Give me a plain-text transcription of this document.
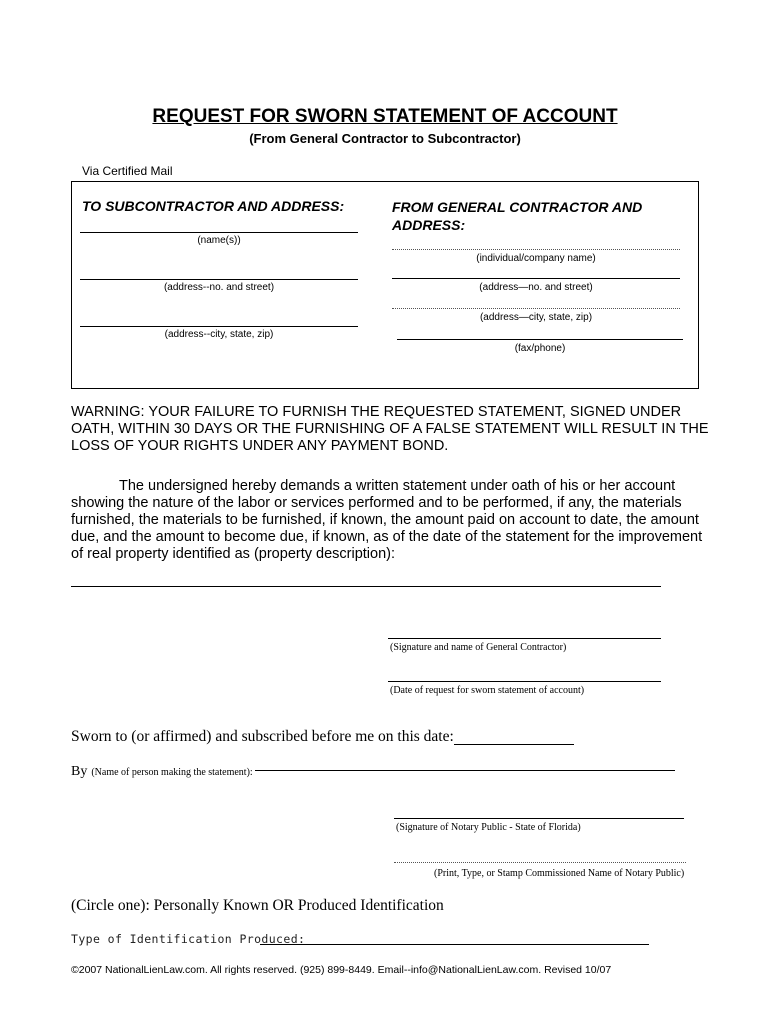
REQUEST FOR SWORN STATEMENT OF ACCOUNT
(From General Contractor to Subcontractor)
Via Certified Mail
TO SUBCONTRACTOR AND ADDRESS:
(name(s))
(address--no. and street)
(address--city, state, zip)
FROM GENERAL CONTRACTOR AND ADDRESS:
(individual/company name)
(address—no. and street)
(address—city, state, zip)
(fax/phone)
WARNING: YOUR FAILURE TO FURNISH THE REQUESTED STATEMENT, SIGNED UNDER OATH, WITHIN 30 DAYS OR THE FURNISHING OF A FALSE STATEMENT WILL RESULT IN THE LOSS OF YOUR RIGHTS UNDER ANY PAYMENT BOND.

The undersigned hereby demands a written statement under oath of his or her account showing the nature of the labor or services performed and to be performed, if any, the materials furnished, the materials to be furnished, if known, the amount paid on account to date, the amount due, and the amount to become due, if known, as of the date of the statement for the improvement of real property identified as (property description):

(Signature and name of General Contractor)
(Date of request for sworn statement of account)
Sworn to (or affirmed) and subscribed before me on this date:
By (Name of person making the statement):
(Signature of Notary Public - State of Florida)
(Print, Type, or Stamp Commissioned Name of Notary Public)
(Circle one): Personally Known OR Produced Identification
Type of Identification Produced:
©2007 NationalLienLaw.com. All rights reserved. (925) 899-8449. Email--info@NationalLienLaw.com. Revised 10/07
